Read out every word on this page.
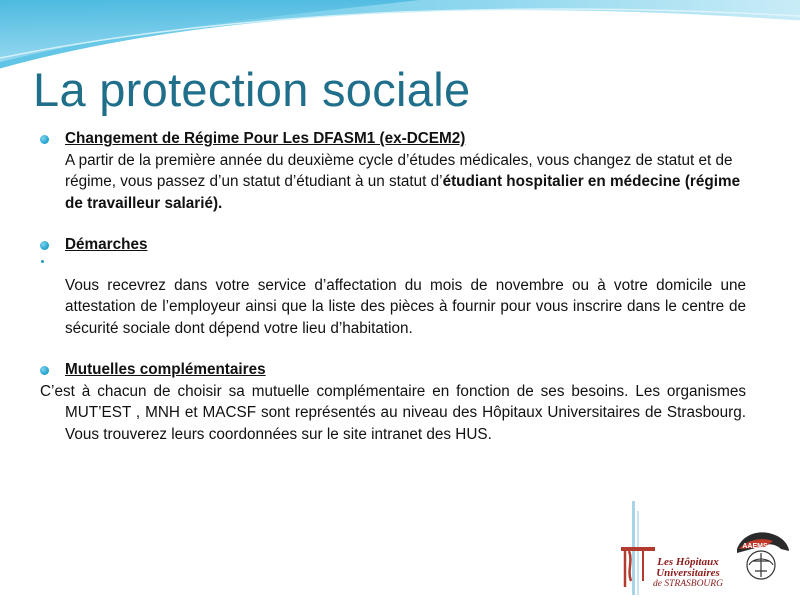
La protection sociale
Changement de Régime Pour Les DFASM1 (ex-DCEM2)
A partir de la première année du deuxième cycle d’études médicales, vous changez de statut et de régime, vous passez d’un statut d’étudiant à un statut d’étudiant hospitalier en médecine (régime de travailleur salarié).
Démarches
Vous recevrez dans votre service d’affectation du mois de novembre ou à votre domicile une attestation de l’employeur ainsi que la liste des pièces à fournir pour vous inscrire dans le centre de sécurité sociale dont dépend votre lieu d’habitation.
Mutuelles complémentaires
C’est à chacun de choisir sa mutuelle complémentaire en fonction de ses besoins. Les organismes MUT’EST , MNH et MACSF sont représentés au niveau des Hôpitaux Universitaires de Strasbourg. Vous trouverez leurs coordonnées sur le site intranet des HUS.
Les Hôpitaux
Universitaires
de STRASBOURG
AAEMS
